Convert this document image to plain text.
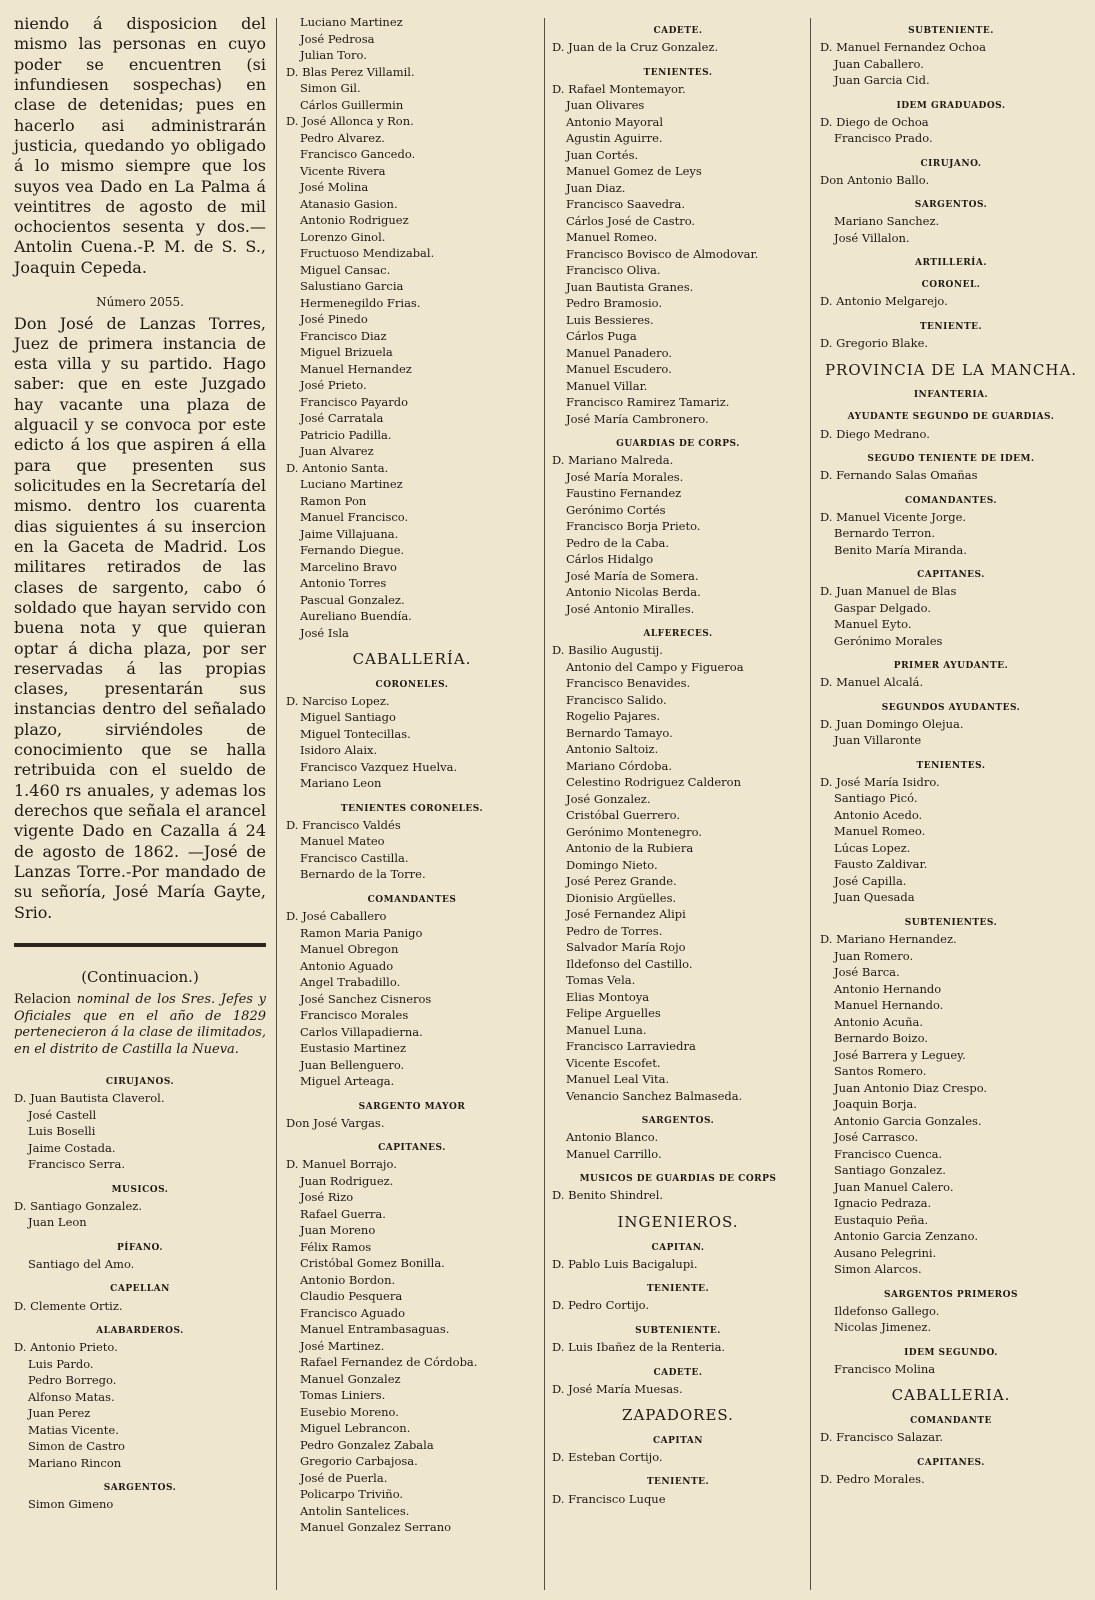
niendo á disposicion del mismo las personas en cuyo poder se encuentren (si infundiesen sospechas) en clase de detenidas; pues en hacerlo asi administrarán justicia, quedando yo obligado á lo mismo siempre que los suyos vea Dado en La Palma á veintitres de agosto de mil ochocientos sesenta y dos.—Antolin Cuena.-P. M. de S. S., Joaquin Cepeda.

Número 2055.

Don José de Lanzas Torres, Juez de primera instancia de esta villa y su partido. Hago saber: que en este Juzgado hay vacante una plaza de alguacil y se convoca por este edicto á los que aspiren á ella para que presenten sus solicitudes en la Secretaría del mismo. dentro los cuarenta dias siguientes á su insercion en la Gaceta de Madrid. Los militares retirados de las clases de sargento, cabo ó soldado que hayan servido con buena nota y que quieran optar á dicha plaza, por ser reservadas á las propias clases, presentarán sus instancias dentro del señalado plazo, sirviéndoles de conocimiento que se halla retribuida con el sueldo de 1.460 rs anuales, y ademas los derechos que señala el arancel vigente Dado en Cazalla á 24 de agosto de 1862. —José de Lanzas Torre.-Por mandado de su señoría, José María Gayte, Srio.

(Continuacion.)
Relacion nominal de los Sres. Jefes y Oficiales que en el año de 1829 pertenecieron á la clase de ilimitados, en el distrito de Castilla la Nueva.
CIRUJANOS.
D. Juan Bautista Claverol.
José Castell
Luis Boselli
Jaime Costada.
Francisco Serra.
MUSICOS.
D. Santiago Gonzalez.
Juan Leon
PÍFANO.
Santiago del Amo.
CAPELLAN
D. Clemente Ortiz.
ALABARDEROS.
D. Antonio Prieto.
Luis Pardo.
Pedro Borrego.
Alfonso Matas.
Juan Perez
Matias Vicente.
Simon de Castro
Mariano Rincon
SARGENTOS.
Simon Gimeno
Luciano Martinez
José Pedrosa
Julian Toro.
D. Blas Perez Villamil.
Simon Gil.
Cárlos Guillermin
D. José Allonca y Ron.
Pedro Alvarez.
Francisco Gancedo.
Vicente Rivera
José Molina
Atanasio Gasion.
Antonio Rodriguez
Lorenzo Ginol.
Fructuoso Mendizabal.
Miguel Cansac.
Salustiano Garcia
Hermenegildo Frias.
José Pinedo
Francisco Diaz
Miguel Brizuela
Manuel Hernandez
José Prieto.
Francisco Payardo
José Carratala
Patricio Padilla.
Juan Alvarez
D. Antonio Santa.
Luciano Martinez
Ramon Pon
Manuel Francisco.
Jaime Villajuana.
Fernando Diegue.
Marcelino Bravo
Antonio Torres
Pascual Gonzalez.
Aureliano Buendía.
José Isla
CABALLERÍA.
CORONELES.
D. Narciso Lopez.
Miguel Santiago
Miguel Tontecillas.
Isidoro Alaix.
Francisco Vazquez Huelva.
Mariano Leon
TENIENTES CORONELES.
D. Francisco Valdés
Manuel Mateo
Francisco Castilla.
Bernardo de la Torre.
COMANDANTES
D. José Caballero
Ramon Maria Panigo
Manuel Obregon
Antonio Aguado
Angel Trabadillo.
José Sanchez Cisneros
Francisco Morales
Carlos Villapadierna.
Eustasio Martinez
Juan Bellenguero.
Miguel Arteaga.
SARGENTO MAYOR
Don José Vargas.
CAPITANES.
D. Manuel Borrajo.
Juan Rodriguez.
José Rizo
Rafael Guerra.
Juan Moreno
Félix Ramos
Cristóbal Gomez Bonilla.
Antonio Bordon.
Claudio Pesquera
Francisco Aguado
Manuel Entrambasaguas.
José Martinez.
Rafael Fernandez de Córdoba.
Manuel Gonzalez
Tomas Liniers.
Eusebio Moreno.
Miguel Lebrancon.
Pedro Gonzalez Zabala
Gregorio Carbajosa.
José de Puerla.
Policarpo Triviño.
Antolin Santelices.
Manuel Gonzalez Serrano
CADETE.
D. Juan de la Cruz Gonzalez.
TENIENTES.
D. Rafael Montemayor.
Juan Olivares
Antonio Mayoral
Agustin Aguirre.
Juan Cortés.
Manuel Gomez de Leys
Juan Diaz.
Francisco Saavedra.
Cárlos José de Castro.
Manuel Romeo.
Francisco Bovisco de Almodovar.
Francisco Oliva.
Juan Bautista Granes.
Pedro Bramosio.
Luis Bessieres.
Cárlos Puga
Manuel Panadero.
Manuel Escudero.
Manuel Villar.
Francisco Ramirez Tamariz.
José María Cambronero.
GUARDIAS DE CORPS.
D. Mariano Malreda.
José María Morales.
Faustino Fernandez
Gerónimo Cortés
Francisco Borja Prieto.
Pedro de la Caba.
Cárlos Hidalgo
José María de Somera.
Antonio Nicolas Berda.
José Antonio Miralles.
ALFERECES.
D. Basilio Augustij.
Antonio del Campo y Figueroa
Francisco Benavides.
Francisco Salido.
Rogelio Pajares.
Bernardo Tamayo.
Antonio Saltoiz.
Mariano Córdoba.
Celestino Rodriguez Calderon
José Gonzalez.
Cristóbal Guerrero.
Gerónimo Montenegro.
Antonio de la Rubiera
Domingo Nieto.
José Perez Grande.
Dionisio Argüelles.
José Fernandez Alipi
Pedro de Torres.
Salvador María Rojo
Ildefonso del Castillo.
Tomas Vela.
Elias Montoya
Felipe Arguelles
Manuel Luna.
Francisco Larraviedra
Vicente Escofet.
Manuel Leal Vita.
Venancio Sanchez Balmaseda.
SARGENTOS.
Antonio Blanco.
Manuel Carrillo.
MUSICOS DE GUARDIAS DE CORPS
D. Benito Shindrel.
INGENIEROS.
CAPITAN.
D. Pablo Luis Bacigalupi.
TENIENTE.
D. Pedro Cortijo.
SUBTENIENTE.
D. Luis Ibañez de la Renteria.
CADETE.
D. José María Muesas.
ZAPADORES.
CAPITAN
D. Esteban Cortijo.
TENIENTE.
D. Francisco Luque
SUBTENIENTE.
D. Manuel Fernandez Ochoa
Juan Caballero.
Juan Garcia Cid.
IDEM GRADUADOS.
D. Diego de Ochoa
Francisco Prado.
CIRUJANO.
Don Antonio Ballo.
SARGENTOS.
Mariano Sanchez.
José Villalon.
ARTILLERÍA.
CORONEL.
D. Antonio Melgarejo.
TENIENTE.
D. Gregorio Blake.
PROVINCIA DE LA MANCHA.
INFANTERIA.
AYUDANTE SEGUNDO DE GUARDIAS.
D. Diego Medrano.
SEGUDO TENIENTE DE IDEM.
D. Fernando Salas Omañas
COMANDANTES.
D. Manuel Vicente Jorge.
Bernardo Terron.
Benito María Miranda.
CAPITANES.
D. Juan Manuel de Blas
Gaspar Delgado.
Manuel Eyto.
Gerónimo Morales
PRIMER AYUDANTE.
D. Manuel Alcalá.
SEGUNDOS AYUDANTES.
D. Juan Domingo Olejua.
Juan Villaronte
TENIENTES.
D. José María Isidro.
Santiago Picó.
Antonio Acedo.
Manuel Romeo.
Lúcas Lopez.
Fausto Zaldivar.
José Capilla.
Juan Quesada
SUBTENIENTES.
D. Mariano Hernandez.
Juan Romero.
José Barca.
Antonio Hernando
Manuel Hernando.
Antonio Acuña.
Bernardo Boizo.
José Barrera y Leguey.
Santos Romero.
Juan Antonio Diaz Crespo.
Joaquin Borja.
Antonio Garcia Gonzales.
José Carrasco.
Francisco Cuenca.
Santiago Gonzalez.
Juan Manuel Calero.
Ignacio Pedraza.
Eustaquio Peña.
Antonio Garcia Zenzano.
Ausano Pelegrini.
Simon Alarcos.
SARGENTOS PRIMEROS
Ildefonso Gallego.
Nicolas Jimenez.
IDEM SEGUNDO.
Francisco Molina
CABALLERIA.
COMANDANTE
D. Francisco Salazar.
CAPITANES.
D. Pedro Morales.
